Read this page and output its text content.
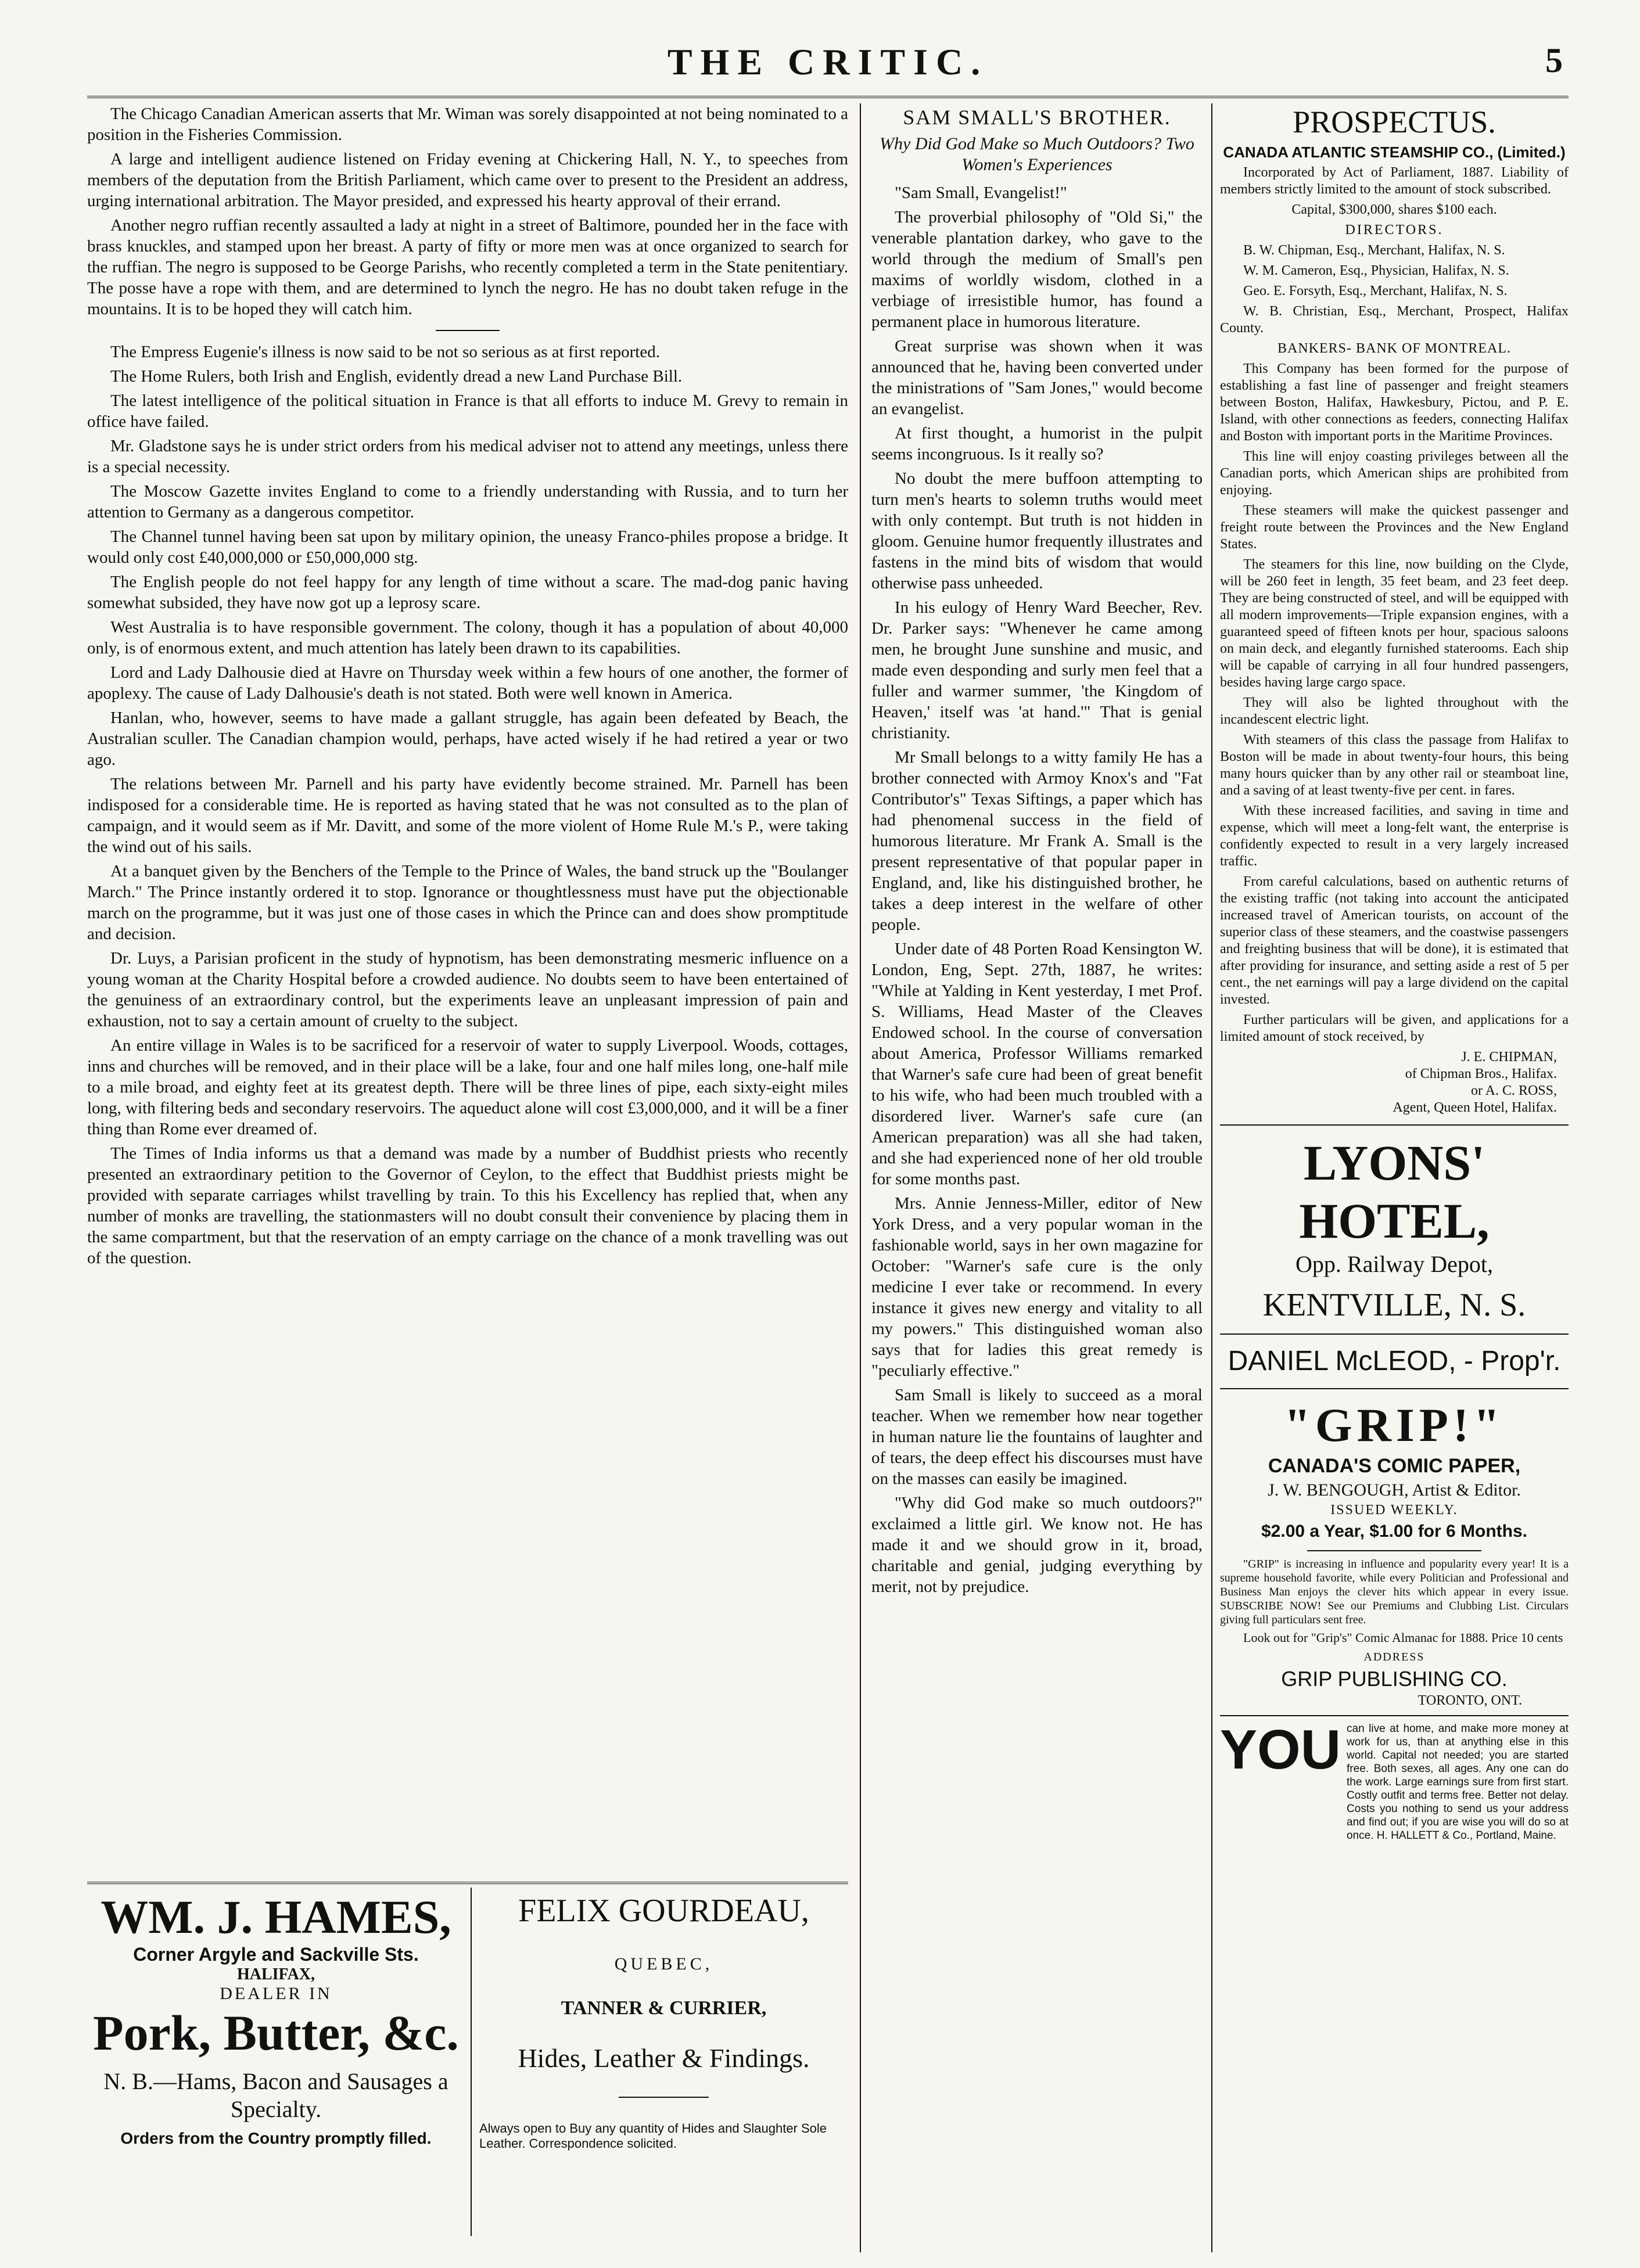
THE CRITIC.	5

The Chicago Canadian American asserts that Mr. Wiman was sorely disappointed at not being nominated to a position in the Fisheries Commission.

A large and intelligent audience listened on Friday evening at Chickering Hall, N. Y., to speeches from members of the deputation from the British Parliament, which came over to present to the President an address, urging international arbitration. The Mayor presided, and expressed his hearty approval of their errand.

Another negro ruffian recently assaulted a lady at night in a street of Baltimore, pounded her in the face with brass knuckles, and stamped upon her breast. A party of fifty or more men was at once organized to search for the ruffian. The negro is supposed to be George Parishs, who recently completed a term in the State penitentiary. The posse have a rope with them, and are determined to lynch the negro. He has no doubt taken refuge in the mountains. It is to be hoped they will catch him.

The Empress Eugenie's illness is now said to be not so serious as at first reported.

The Home Rulers, both Irish and English, evidently dread a new Land Purchase Bill.

The latest intelligence of the political situation in France is that all efforts to induce M. Grevy to remain in office have failed.

Mr. Gladstone says he is under strict orders from his medical adviser not to attend any meetings, unless there is a special necessity.

The Moscow Gazette invites England to come to a friendly understanding with Russia, and to turn her attention to Germany as a dangerous competitor.

The Channel tunnel having been sat upon by military opinion, the uneasy Franco-philes propose a bridge. It would only cost £40,000,000 or £50,000,000 stg.

The English people do not feel happy for any length of time without a scare. The mad-dog panic having somewhat subsided, they have now got up a leprosy scare.

West Australia is to have responsible government. The colony, though it has a population of about 40,000 only, is of enormous extent, and much attention has lately been drawn to its capabilities.

Lord and Lady Dalhousie died at Havre on Thursday week within a few hours of one another, the former of apoplexy. The cause of Lady Dalhousie's death is not stated. Both were well known in America.

Hanlan, who, however, seems to have made a gallant struggle, has again been defeated by Beach, the Australian sculler. The Canadian champion would, perhaps, have acted wisely if he had retired a year or two ago.

The relations between Mr. Parnell and his party have evidently become strained. Mr. Parnell has been indisposed for a considerable time. He is reported as having stated that he was not consulted as to the plan of campaign, and it would seem as if Mr. Davitt, and some of the more violent of Home Rule M.'s P., were taking the wind out of his sails.

At a banquet given by the Benchers of the Temple to the Prince of Wales, the band struck up the "Boulanger March." The Prince instantly ordered it to stop. Ignorance or thoughtlessness must have put the objectionable march on the programme, but it was just one of those cases in which the Prince can and does show promptitude and decision.

Dr. Luys, a Parisian proficent in the study of hypnotism, has been demonstrating mesmeric influence on a young woman at the Charity Hospital before a crowded audience. No doubts seem to have been entertained of the genuiness of an extraordinary control, but the experiments leave an unpleasant impression of pain and exhaustion, not to say a certain amount of cruelty to the subject.

An entire village in Wales is to be sacrificed for a reservoir of water to supply Liverpool. Woods, cottages, inns and churches will be removed, and in their place will be a lake, four and one half miles long, one-half mile to a mile broad, and eighty feet at its greatest depth. There will be three lines of pipe, each sixty-eight miles long, with filtering beds and secondary reservoirs. The aqueduct alone will cost £3,000,000, and it will be a finer thing than Rome ever dreamed of.

The Times of India informs us that a demand was made by a number of Buddhist priests who recently presented an extraordinary petition to the Governor of Ceylon, to the effect that Buddhist priests might be provided with separate carriages whilst travelling by train. To this his Excellency has replied that, when any number of monks are travelling, the stationmasters will no doubt consult their convenience by placing them in the same compartment, but that the reservation of an empty carriage on the chance of a monk travelling was out of the question.

WM. J. HAMES,
Corner Argyle and Sackville Sts.
HALIFAX,
DEALER IN
Pork, Butter, &c.
N. B.—Hams, Bacon and Sausages a Specialty.
Orders from the Country promptly filled.
FELIX GOURDEAU,
QUEBEC,
TANNER & CURRIER,
Hides, Leather & Findings.
Always open to Buy any quantity of Hides and Slaughter Sole Leather. Correspondence solicited.
SAM SMALL'S BROTHER.
Why Did God Make so Much Outdoors? Two Women's Experiences

"Sam Small, Evangelist!"

The proverbial philosophy of "Old Si," the venerable plantation darkey, who gave to the world through the medium of Small's pen maxims of worldly wisdom, clothed in a verbiage of irresistible humor, has found a permanent place in humorous literature.

Great surprise was shown when it was announced that he, having been converted under the ministrations of "Sam Jones," would become an evangelist.

At first thought, a humorist in the pulpit seems incongruous. Is it really so?

No doubt the mere buffoon attempting to turn men's hearts to solemn truths would meet with only contempt. But truth is not hidden in gloom. Genuine humor frequently illustrates and fastens in the mind bits of wisdom that would otherwise pass unheeded.

In his eulogy of Henry Ward Beecher, Rev. Dr. Parker says: "Whenever he came among men, he brought June sunshine and music, and made even desponding and surly men feel that a fuller and warmer summer, 'the Kingdom of Heaven,' itself was 'at hand.'" That is genial christianity.

Mr Small belongs to a witty family He has a brother connected with Armoy Knox's and "Fat Contributor's" Texas Siftings, a paper which has had phenomenal success in the field of humorous literature. Mr Frank A. Small is the present representative of that popular paper in England, and, like his distinguished brother, he takes a deep interest in the welfare of other people.

Under date of 48 Porten Road Kensington W. London, Eng, Sept. 27th, 1887, he writes: "While at Yalding in Kent yesterday, I met Prof. S. Williams, Head Master of the Cleaves Endowed school. In the course of conversation about America, Professor Williams remarked that Warner's safe cure had been of great benefit to his wife, who had been much troubled with a disordered liver. Warner's safe cure (an American preparation) was all she had taken, and she had experienced none of her old trouble for some months past.

Mrs. Annie Jenness-Miller, editor of New York Dress, and a very popular woman in the fashionable world, says in her own magazine for October: "Warner's safe cure is the only medicine I ever take or recommend. In every instance it gives new energy and vitality to all my powers." This distinguished woman also says that for ladies this great remedy is "peculiarly effective."

Sam Small is likely to succeed as a moral teacher. When we remember how near together in human nature lie the fountains of laughter and of tears, the deep effect his discourses must have on the masses can easily be imagined.

"Why did God make so much outdoors?" exclaimed a little girl. We know not. He has made it and we should grow in it, broad, charitable and genial, judging everything by merit, not by prejudice.

PROSPECTUS.
CANADA ATLANTIC STEAMSHIP CO., (Limited.)

Incorporated by Act of Parliament, 1887. Liability of members strictly limited to the amount of stock subscribed.

Capital, $300,000, shares $100 each.
DIRECTORS.

B. W. Chipman, Esq., Merchant, Halifax, N. S.

W. M. Cameron, Esq., Physician, Halifax, N. S.

Geo. E. Forsyth, Esq., Merchant, Halifax, N. S.

W. B. Christian, Esq., Merchant, Prospect, Halifax County.

BANKERS- BANK OF MONTREAL.

This Company has been formed for the purpose of establishing a fast line of passenger and freight steamers between Boston, Halifax, Hawkesbury, Pictou, and P. E. Island, with other connections as feeders, connecting Halifax and Boston with important ports in the Maritime Provinces.

This line will enjoy coasting privileges between all the Canadian ports, which American ships are prohibited from enjoying.

These steamers will make the quickest passenger and freight route between the Provinces and the New England States.

The steamers for this line, now building on the Clyde, will be 260 feet in length, 35 feet beam, and 23 feet deep. They are being constructed of steel, and will be equipped with all modern improvements—Triple expansion engines, with a guaranteed speed of fifteen knots per hour, spacious saloons on main deck, and elegantly furnished staterooms. Each ship will be capable of carrying in all four hundred passengers, besides having large cargo space.

They will also be lighted throughout with the incandescent electric light.

With steamers of this class the passage from Halifax to Boston will be made in about twenty-four hours, this being many hours quicker than by any other rail or steamboat line, and a saving of at least twenty-five per cent. in fares.

With these increased facilities, and saving in time and expense, which will meet a long-felt want, the enterprise is confidently expected to result in a very largely increased traffic.

From careful calculations, based on authentic returns of the existing traffic (not taking into account the anticipated increased travel of American tourists, on account of the superior class of these steamers, and the coastwise passengers and freighting business that will be done), it is estimated that after providing for insurance, and setting aside a rest of 5 per cent., the net earnings will pay a large dividend on the capital invested.

Further particulars will be given, and applications for a limited amount of stock received, by

J. E. CHIPMAN,
of Chipman Bros., Halifax.
or A. C. ROSS,
Agent, Queen Hotel, Halifax.
LYONS' HOTEL,
Opp. Railway Depot,
KENTVILLE, N. S.
DANIEL McLEOD, - Prop'r.
"GRIP!"
CANADA'S COMIC PAPER,
J. W. BENGOUGH, Artist & Editor.
ISSUED WEEKLY.
$2.00 a Year, $1.00 for 6 Months.

"GRIP" is increasing in influence and popularity every year! It is a supreme household favorite, while every Politician and Professional and Business Man enjoys the clever hits which appear in every issue. SUBSCRIBE NOW! See our Premiums and Clubbing List. Circulars giving full particulars sent free.

Look out for "Grip's" Comic Almanac for 1888. Price 10 cents

ADDRESS
GRIP PUBLISHING CO.
TORONTO, ONT.
YOU can live at home, and make more money at work for us, than at anything else in this world. Capital not needed; you are started free. Both sexes, all ages. Any one can do the work. Large earnings sure from first start. Costly outfit and terms free. Better not delay. Costs you nothing to send us your address and find out; if you are wise you will do so at once. H. HALLETT & Co., Portland, Maine.
